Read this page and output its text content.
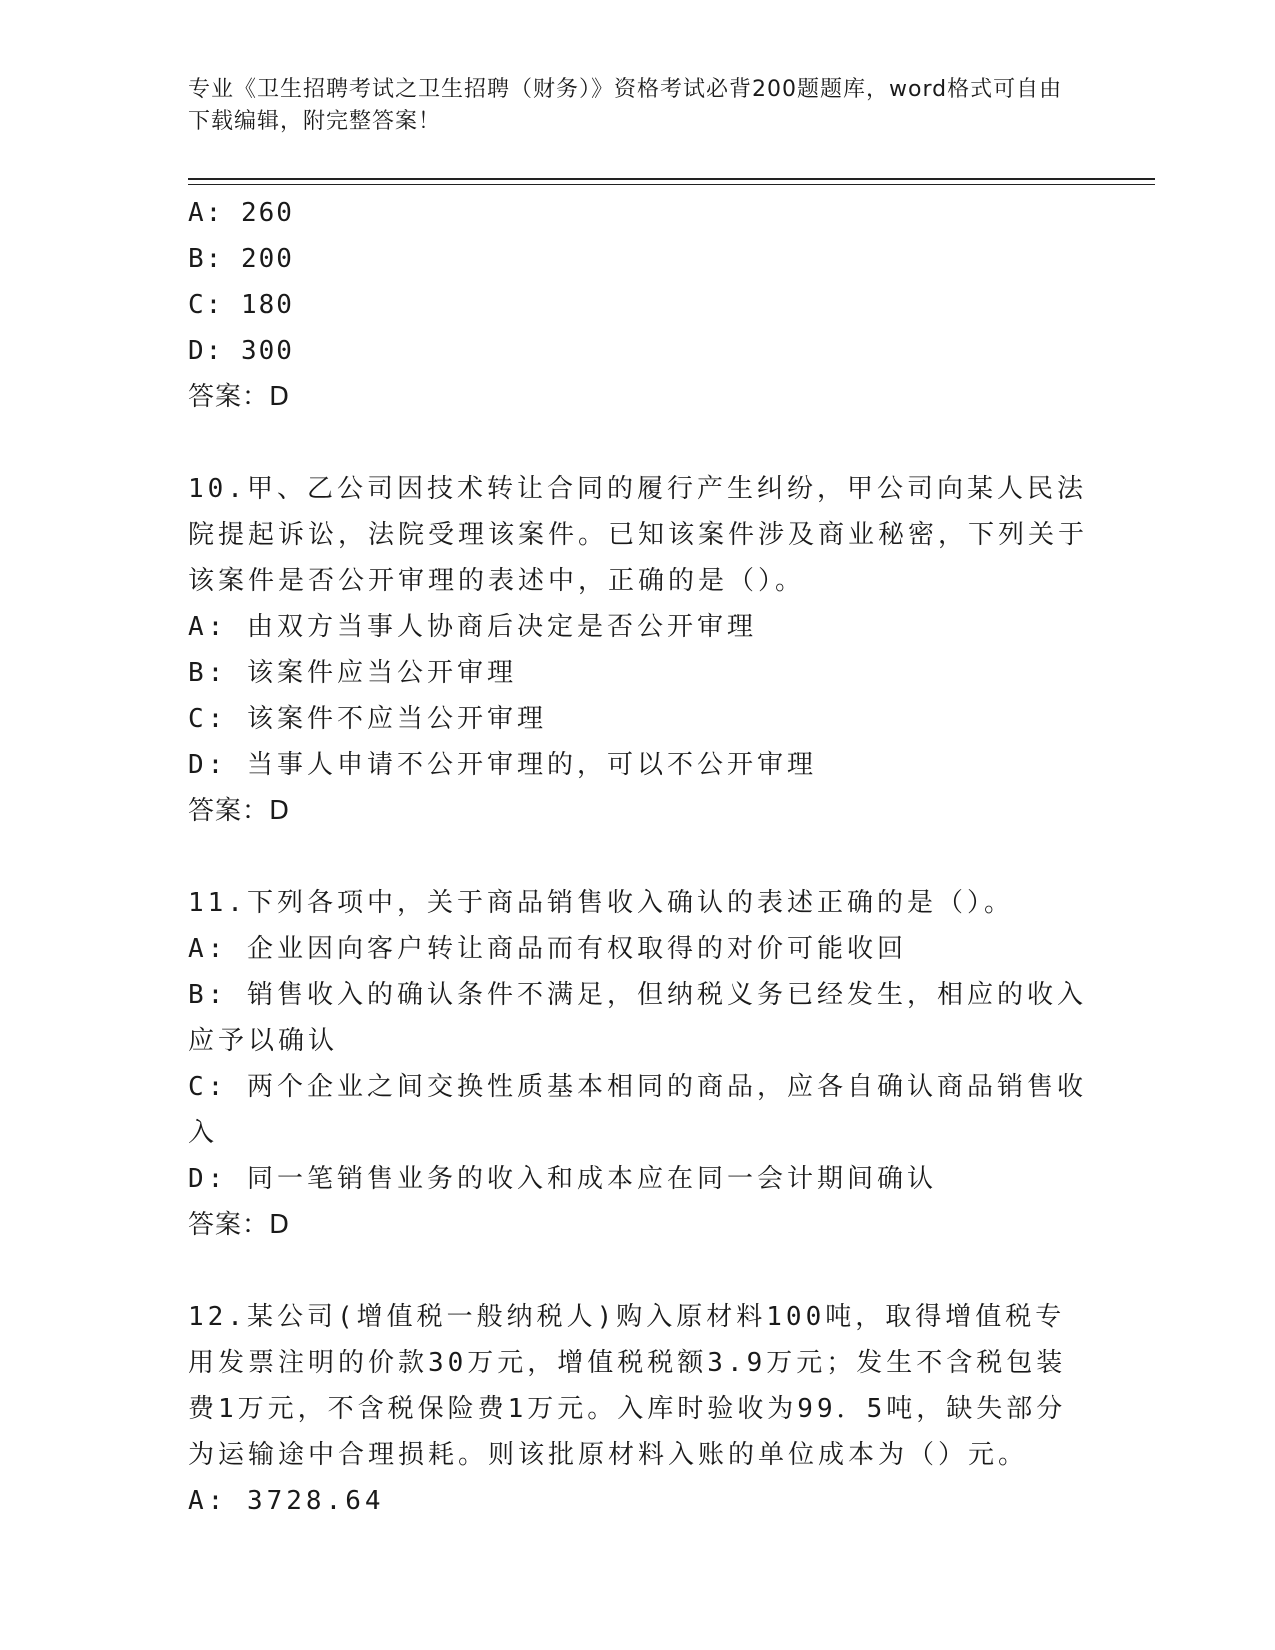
专业《卫生招聘考试之卫生招聘（财务）》资格考试必背200题题库，word格式可自由下载编辑，附完整答案！
A: 260
B: 200
C: 180
D: 300
答案：D
10.甲、乙公司因技术转让合同的履行产生纠纷，甲公司向某人民法院提起诉讼，法院受理该案件。已知该案件涉及商业秘密，下列关于该案件是否公开审理的表述中，正确的是（）。
A: 由双方当事人协商后决定是否公开审理
B: 该案件应当公开审理
C: 该案件不应当公开审理
D: 当事人申请不公开审理的，可以不公开审理
答案：D
11.下列各项中，关于商品销售收入确认的表述正确的是（）。
A: 企业因向客户转让商品而有权取得的对价可能收回
B: 销售收入的确认条件不满足，但纳税义务已经发生，相应的收入应予以确认
C: 两个企业之间交换性质基本相同的商品，应各自确认商品销售收入
D: 同一笔销售业务的收入和成本应在同一会计期间确认
答案：D
12.某公司(增值税一般纳税人)购入原材料100吨，取得增值税专用发票注明的价款30万元，增值税税额3.9万元；发生不含税包装费1万元，不含税保险费1万元。入库时验收为99．5吨，缺失部分为运输途中合理损耗。则该批原材料入账的单位成本为（）元。
A: 3728.64
